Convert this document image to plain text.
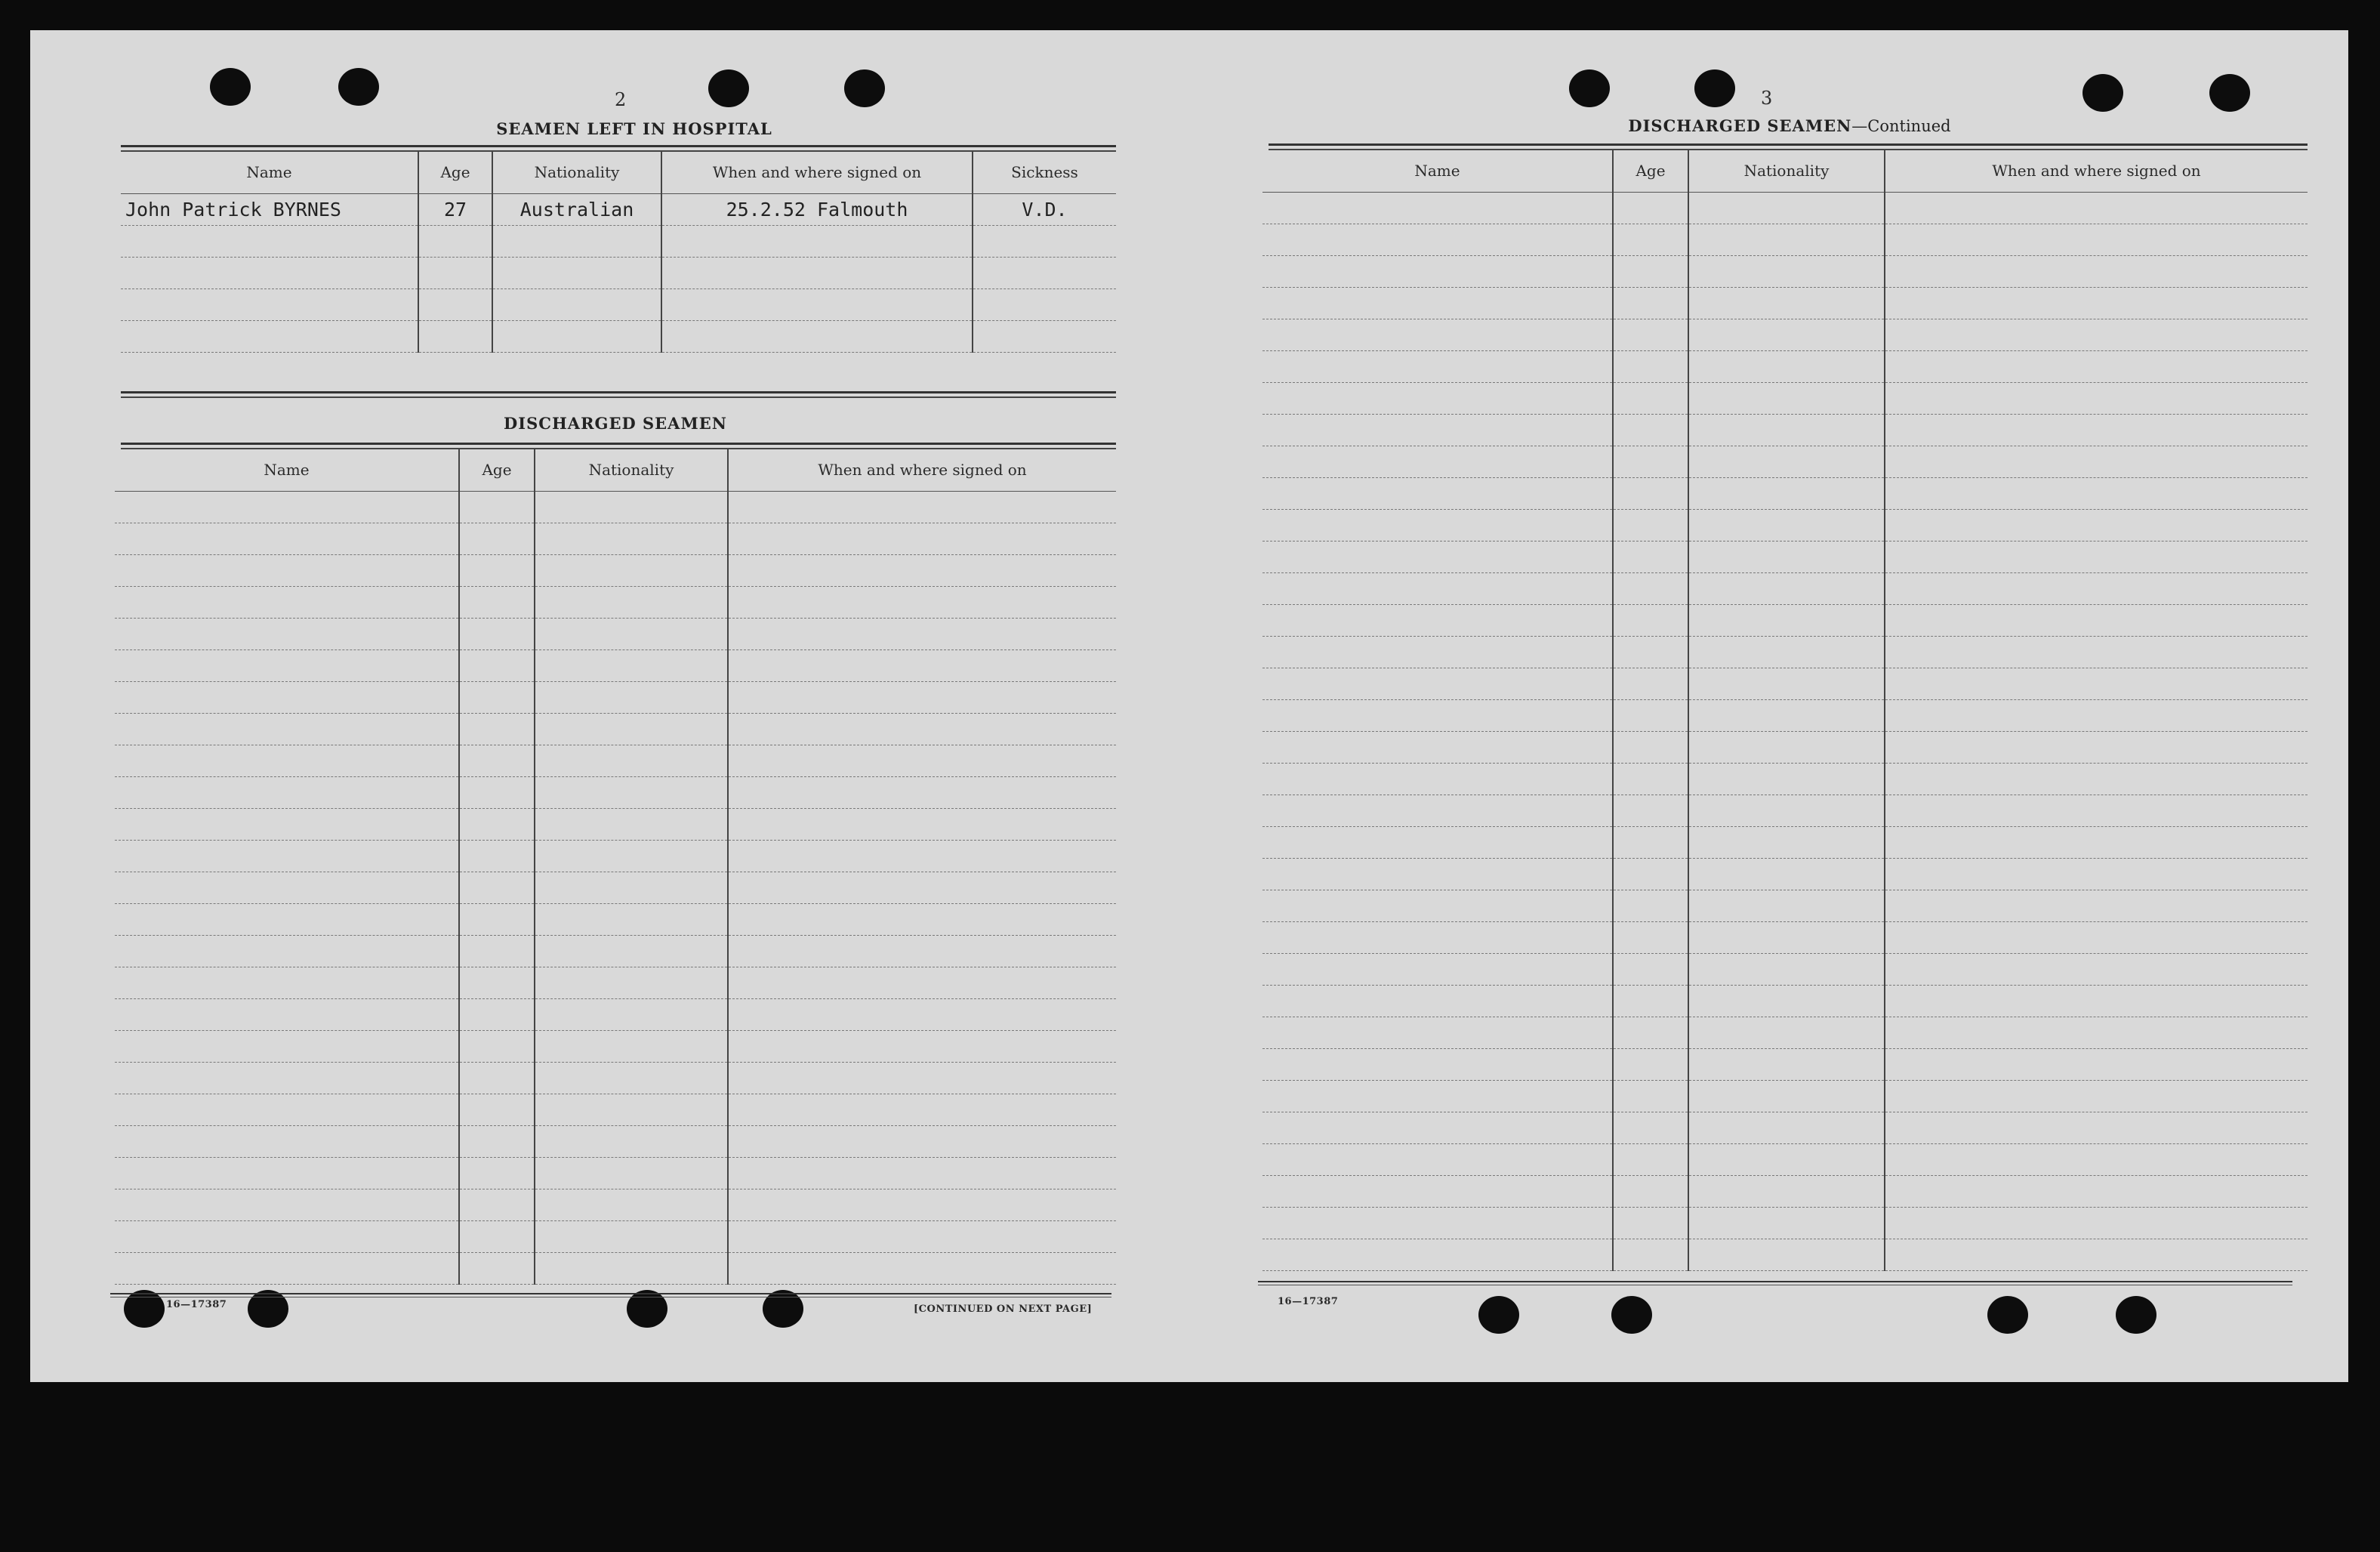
2
SEAMEN LEFT IN HOSPITAL
Name	Age	Nationality	When and where signed on	Sickness
John Patrick BYRNES	27	Australian	25.2.52 Falmouth	V.D.

DISCHARGED SEAMEN
Name	Age	Nationality	When and where signed on

16—17387	[CONTINUED ON NEXT PAGE]
3
DISCHARGED SEAMEN—Continued
Name	Age	Nationality	When and where signed on

16—17387
